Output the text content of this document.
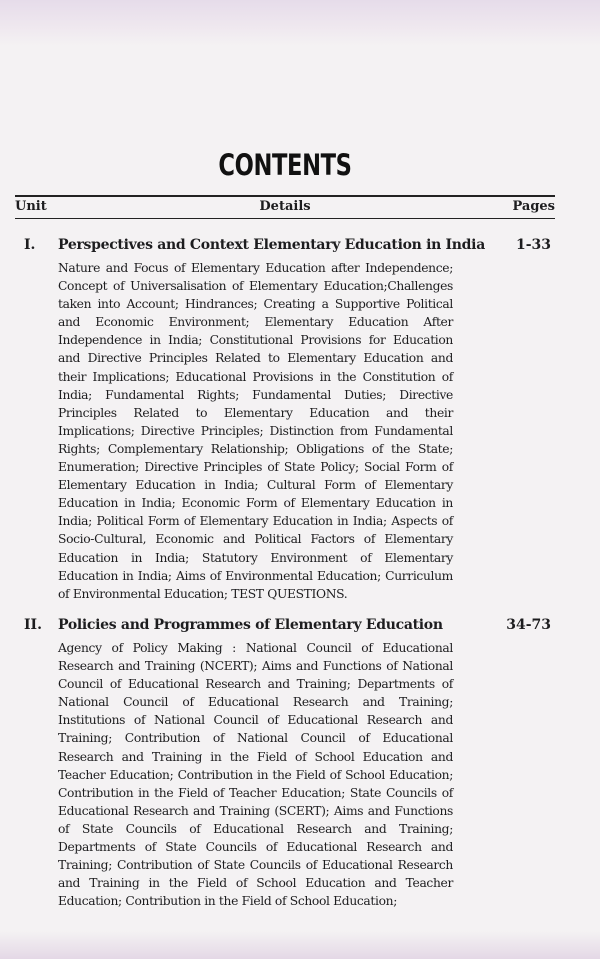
CONTENTS
Unit	Details	Pages
I. Perspectives and Context Elementary Education in India 1-33
Nature and Focus of Elementary Education after Independence; Concept of Universalisation of Elementary Education;Challenges taken into Account; Hindrances; Creating a Supportive Political and Economic Environment; Elementary Education After Independence in India; Constitutional Provisions for Education and Directive Principles Related to Elementary Education and their Implications; Educational Provisions in the Constitution of India; Fundamental Rights; Fundamental Duties; Directive Principles Related to Elementary Education and their Implications; Directive Principles; Distinction from Fundamental Rights; Complementary Relationship; Obligations of the State; Enumeration; Directive Principles of State Policy; Social Form of Elementary Education in India; Cultural Form of Elementary Education in India; Economic Form of Elementary Education in India; Political Form of Elementary Education in India; Aspects of Socio-Cultural, Economic and Political Factors of Elementary Education in India; Statutory Environment of Elementary Education in India; Aims of Environmental Education; Curriculum of Environmental Education; TEST QUESTIONS.
II. Policies and Programmes of Elementary Education	34-73
Agency of Policy Making : National Council of Educational Research and Training (NCERT); Aims and Functions of National Council of Educational Research and Training; Departments of National Council of Educational Research and Training; Institutions of National Council of Educational Research and Training; Contribution of National Council of Educational Research and Training in the Field of School Education and Teacher Education; Contribution in the Field of School Education; Contribution in the Field of Teacher Education; State Councils of Educational Research and Training (SCERT); Aims and Functions of State Councils of Educational Research and Training; Departments of State Councils of Educational Research and Training; Contribution of State Councils of Educational Research and Training in the Field of School Education and Teacher Education; Contribution in the Field of School Education;
